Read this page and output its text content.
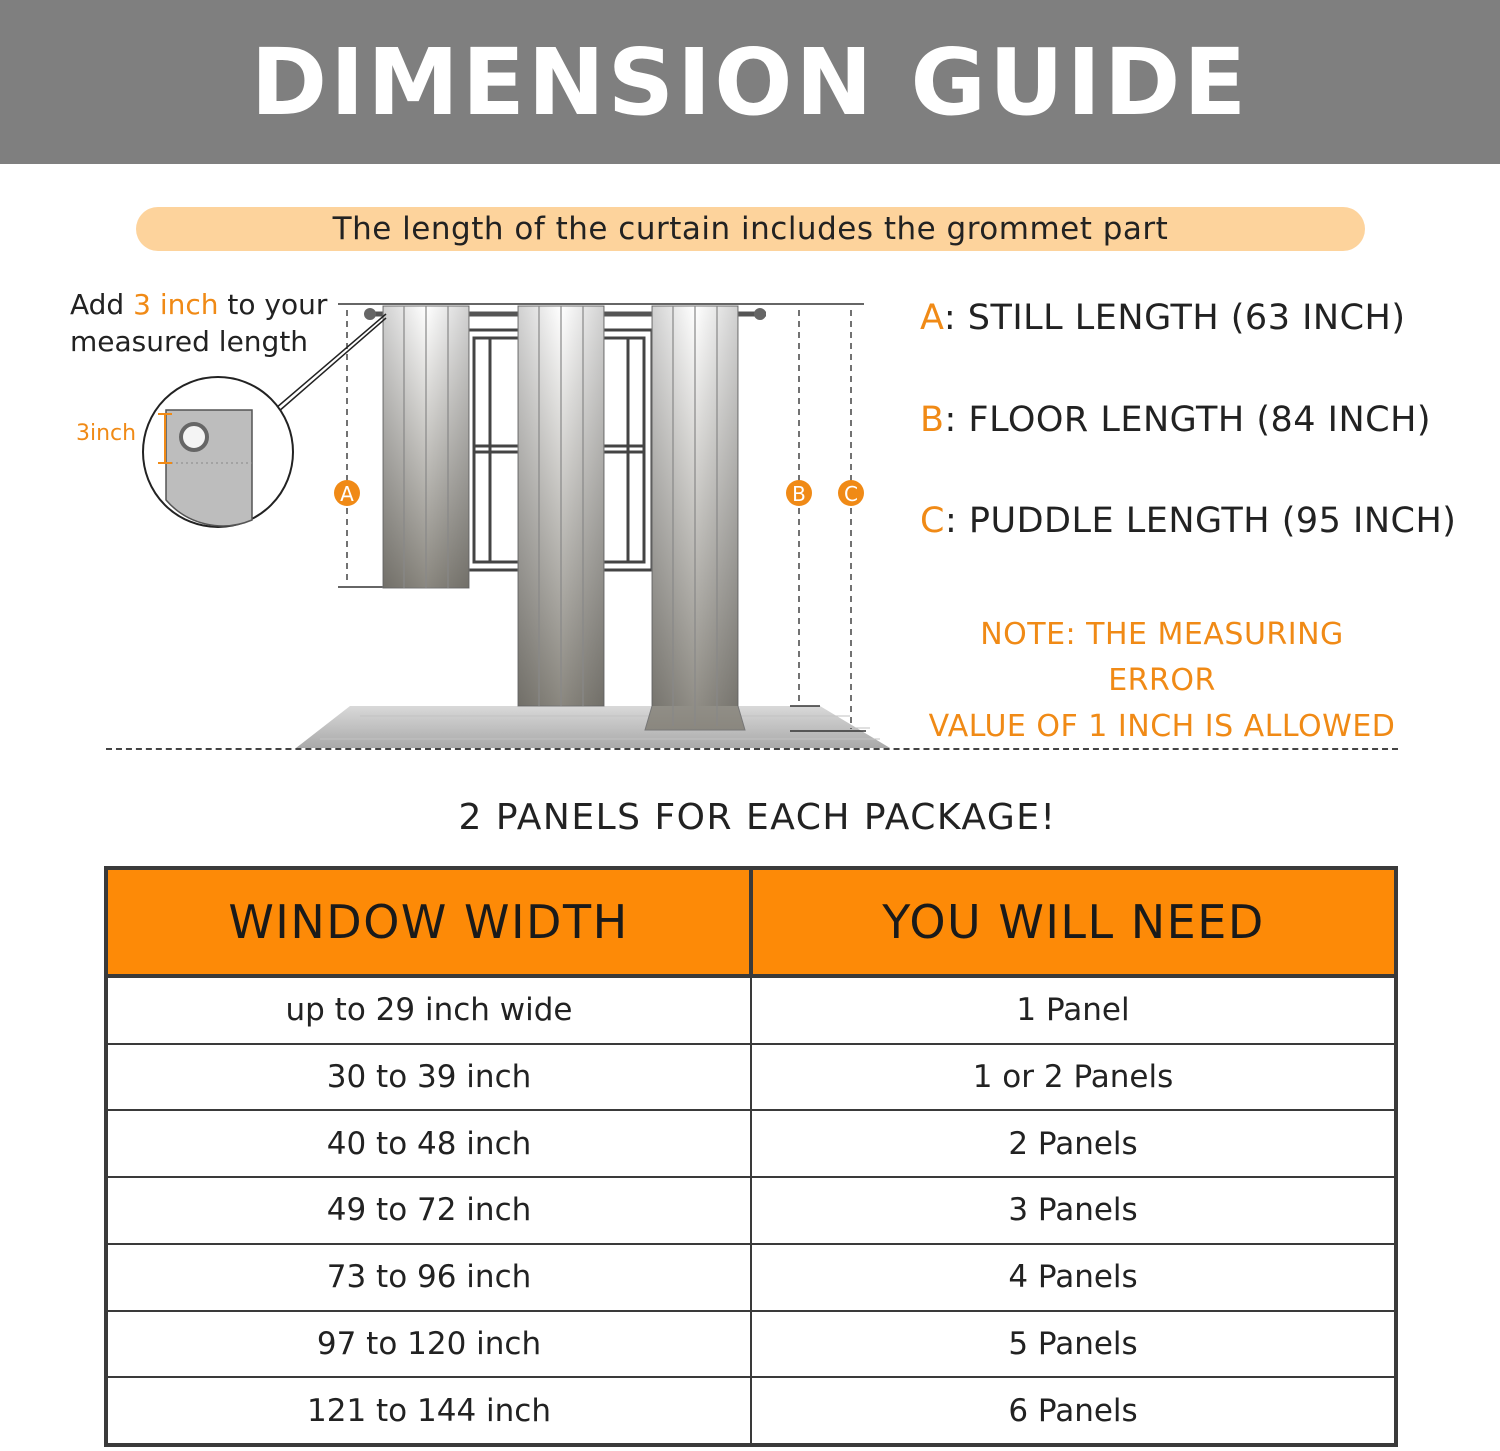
DIMENSION GUIDE
The length of the curtain includes the grommet part
Add 3 inch to your
measured length
A	B C
3inch
A: STILL LENGTH (63 INCH)
B: FLOOR LENGTH (84 INCH)
C: PUDDLE LENGTH (95 INCH)
NOTE: THE MEASURING ERROR
VALUE OF 1 INCH IS ALLOWED
2 PANELS FOR EACH PACKAGE!
WINDOW WIDTH	YOU WILL NEED
up to 29 inch wide	1 Panel
30 to 39 inch	1 or 2 Panels
40 to 48 inch	2 Panels
49 to 72 inch	3 Panels
73 to 96 inch	4 Panels
97 to 120 inch	5 Panels
121 to 144 inch	6 Panels
